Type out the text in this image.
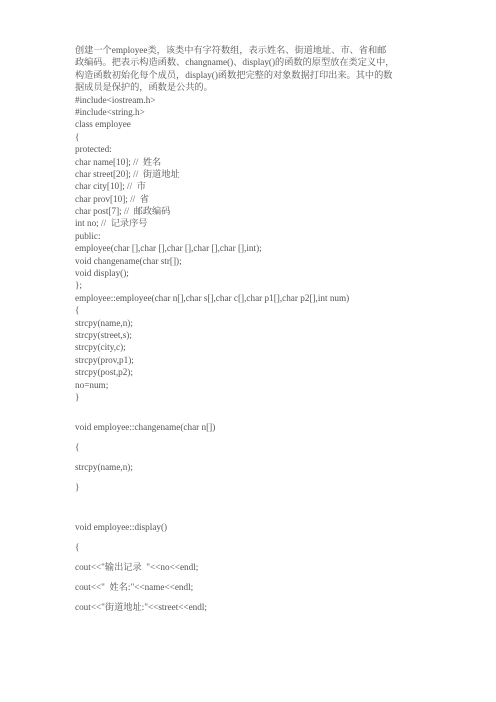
创建一个employee类，该类中有字符数组，表示姓名、街道地址、市、省和邮
政编码。把表示构造函数、changname()、display()的函数的原型放在类定义中，
构造函数初始化每个成员，display()函数把完整的对象数据打印出来。其中的数
据成员是保护的，函数是公共的。
#include<iostream.h>
#include<string.h>
class employee
{
protected:
char name[10]; //  姓名
char street[20]; //  街道地址
char city[10]; //  市
char prov[10]; //  省
char post[7]; //  邮政编码
int no; //  记录序号
public:
employee(char [],char [],char [],char [],char [],int);
void changename(char str[]);
void display();
};
employee::employee(char n[],char s[],char c[],char p1[],char p2[],int num)
{
strcpy(name,n);
strcpy(street,s);
strcpy(city,c);
strcpy(prov,p1);
strcpy(post,p2);
no=num;
}
void employee::changename(char n[])
{
strcpy(name,n);
}
void employee::display()
{
cout<<"输出记录  "<<no<<endl;
cout<<"  姓名:"<<name<<endl;
cout<<"街道地址:"<<street<<endl;
